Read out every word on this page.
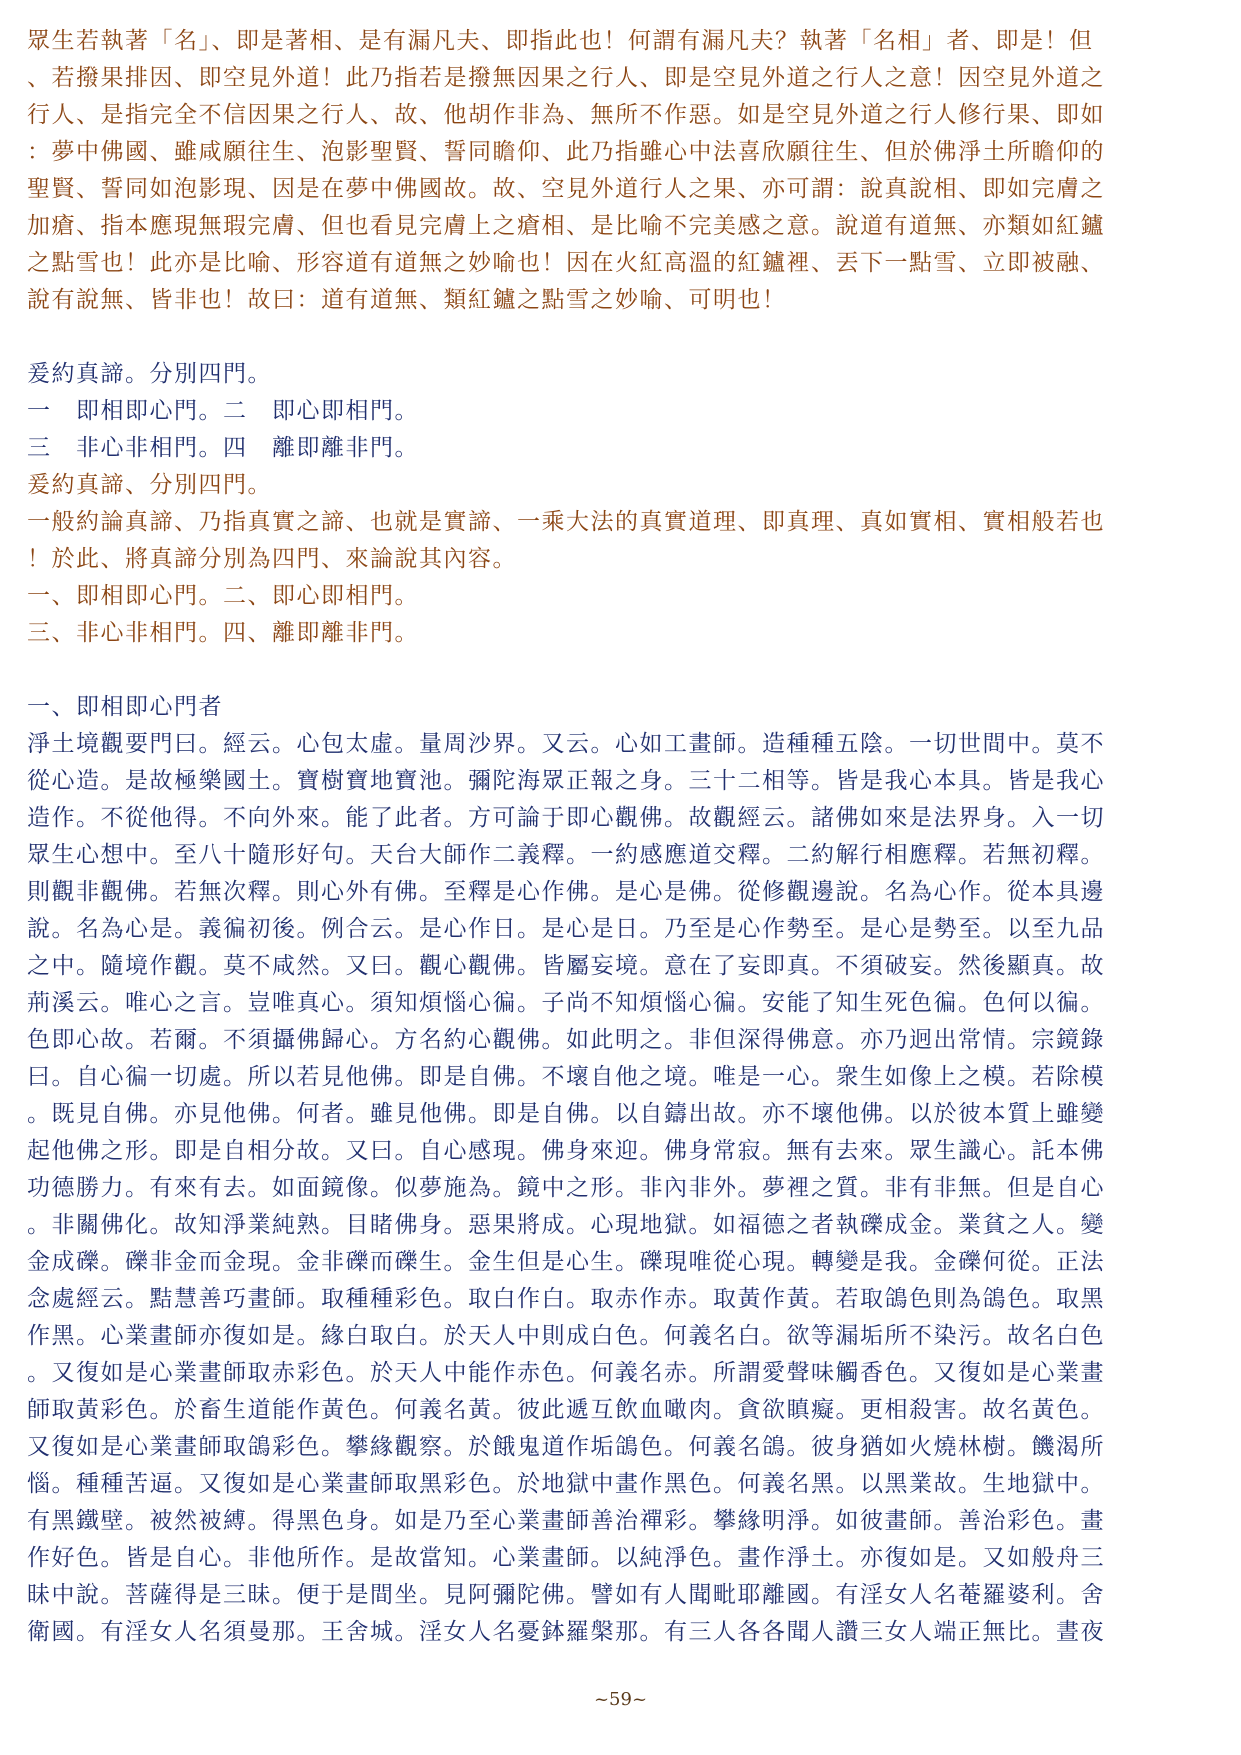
眾生若執著「名」、即是著相、是有漏凡夫、即指此也！何謂有漏凡夫？執著「名相」者、即是！但
、若撥果排因、即空見外道！此乃指若是撥無因果之行人、即是空見外道之行人之意！因空見外道之
行人、是指完全不信因果之行人、故、他胡作非為、無所不作惡。如是空見外道之行人修行果、即如
：夢中佛國、雖咸願往生、泡影聖賢、誓同瞻仰、此乃指雖心中法喜欣願往生、但於佛淨土所瞻仰的
聖賢、誓同如泡影現、因是在夢中佛國故。故、空見外道行人之果、亦可謂：說真說相、即如完膚之
加瘡、指本應現無瑕完膚、但也看見完膚上之瘡相、是比喻不完美感之意。說道有道無、亦類如紅鑪
之點雪也！此亦是比喻、形容道有道無之妙喻也！因在火紅高溫的紅鑪裡、丟下一點雪、立即被融、
說有說無、皆非也！故曰：道有道無、類紅鑪之點雪之妙喻、可明也！
爰約真諦。分別四門。
一　即相即心門。二　即心即相門。
三　非心非相門。四　離即離非門。
爰約真諦、分別四門。
一般約論真諦、乃指真實之諦、也就是實諦、一乘大法的真實道理、即真理、真如實相、實相般若也
！於此、將真諦分別為四門、來論說其內容。
一、即相即心門。二、即心即相門。
三、非心非相門。四、離即離非門。
一、即相即心門者
淨土境觀要門曰。經云。心包太虛。量周沙界。又云。心如工畫師。造種種五陰。一切世間中。莫不
從心造。是故極樂國土。寶樹寶地寶池。彌陀海眾正報之身。三十二相等。皆是我心本具。皆是我心
造作。不從他得。不向外來。能了此者。方可論于即心觀佛。故觀經云。諸佛如來是法界身。入一切
眾生心想中。至八十隨形好句。天台大師作二義釋。一約感應道交釋。二約解行相應釋。若無初釋。
則觀非觀佛。若無次釋。則心外有佛。至釋是心作佛。是心是佛。從修觀邊說。名為心作。從本具邊
說。名為心是。義徧初後。例合云。是心作日。是心是日。乃至是心作勢至。是心是勢至。以至九品
之中。隨境作觀。莫不咸然。又曰。觀心觀佛。皆屬妄境。意在了妄即真。不須破妄。然後顯真。故
荊溪云。唯心之言。豈唯真心。須知煩惱心徧。子尚不知煩惱心徧。安能了知生死色徧。色何以徧。
色即心故。若爾。不須攝佛歸心。方名約心觀佛。如此明之。非但深得佛意。亦乃迥出常情。宗鏡錄
曰。自心徧一切處。所以若見他佛。即是自佛。不壞自他之境。唯是一心。衆生如像上之模。若除模
。既見自佛。亦見他佛。何者。雖見他佛。即是自佛。以自鑄出故。亦不壞他佛。以於彼本質上雖變
起他佛之形。即是自相分故。又曰。自心感現。佛身來迎。佛身常寂。無有去來。眾生識心。託本佛
功德勝力。有來有去。如面鏡像。似夢施為。鏡中之形。非內非外。夢裡之質。非有非無。但是自心
。非關佛化。故知淨業純熟。目睹佛身。惡果將成。心現地獄。如福德之者執礫成金。業貧之人。變
金成礫。礫非金而金現。金非礫而礫生。金生但是心生。礫現唯從心現。轉變是我。金礫何從。正法
念處經云。黠慧善巧畫師。取種種彩色。取白作白。取赤作赤。取黃作黃。若取鴿色則為鴿色。取黑
作黑。心業畫師亦復如是。緣白取白。於天人中則成白色。何義名白。欲等漏垢所不染污。故名白色
。又復如是心業畫師取赤彩色。於天人中能作赤色。何義名赤。所謂愛聲味觸香色。又復如是心業畫
師取黃彩色。於畜生道能作黃色。何義名黃。彼此遞互飲血噉肉。貪欲瞋癡。更相殺害。故名黃色。
又復如是心業畫師取鴿彩色。攀緣觀察。於餓鬼道作垢鴿色。何義名鴿。彼身猶如火燒林樹。饑渴所
惱。種種苦逼。又復如是心業畫師取黑彩色。於地獄中畫作黑色。何義名黑。以黑業故。生地獄中。
有黑鐵壁。被然被縛。得黑色身。如是乃至心業畫師善治禪彩。攀緣明淨。如彼畫師。善治彩色。畫
作好色。皆是自心。非他所作。是故當知。心業畫師。以純淨色。畫作淨土。亦復如是。又如般舟三
昧中說。菩薩得是三昧。便于是間坐。見阿彌陀佛。譬如有人聞毗耶離國。有淫女人名菴羅婆利。舍
衛國。有淫女人名須曼那。王舍城。淫女人名憂鉢羅槃那。有三人各各聞人讚三女人端正無比。晝夜
~59~
